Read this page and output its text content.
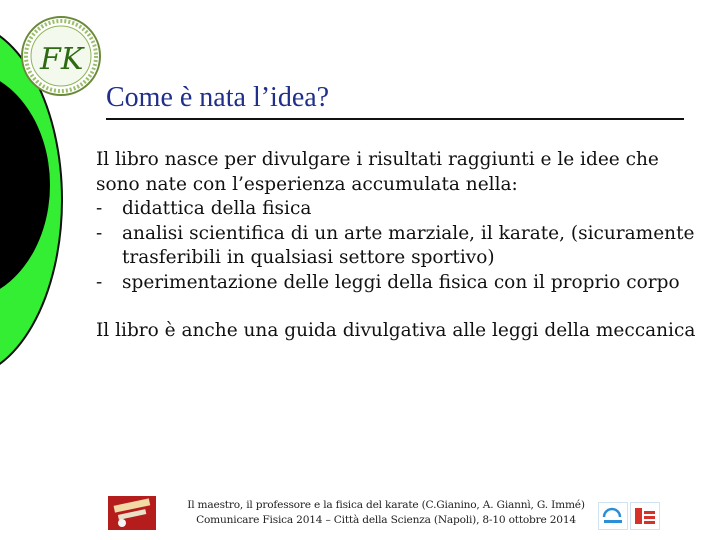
FK
Come è nata l’idea?

Il libro nasce per divulgare i risultati raggiunti e le idee che sono nate con l’esperienza accumulata nella:

- didattica della fisica
- analisi scientifica di un arte marziale, il karate, (sicuramente trasferibili in qualsiasi settore sportivo)
- sperimentazione delle leggi della fisica con il proprio corpo

Il libro è anche una guida divulgativa alle leggi della meccanica

Il maestro, il professore e la fisica del karate (C.Gianino, A. Giannì, G. Immé)
Comunicare Fisica 2014 – Città della Scienza (Napoli), 8-10 ottobre 2014
